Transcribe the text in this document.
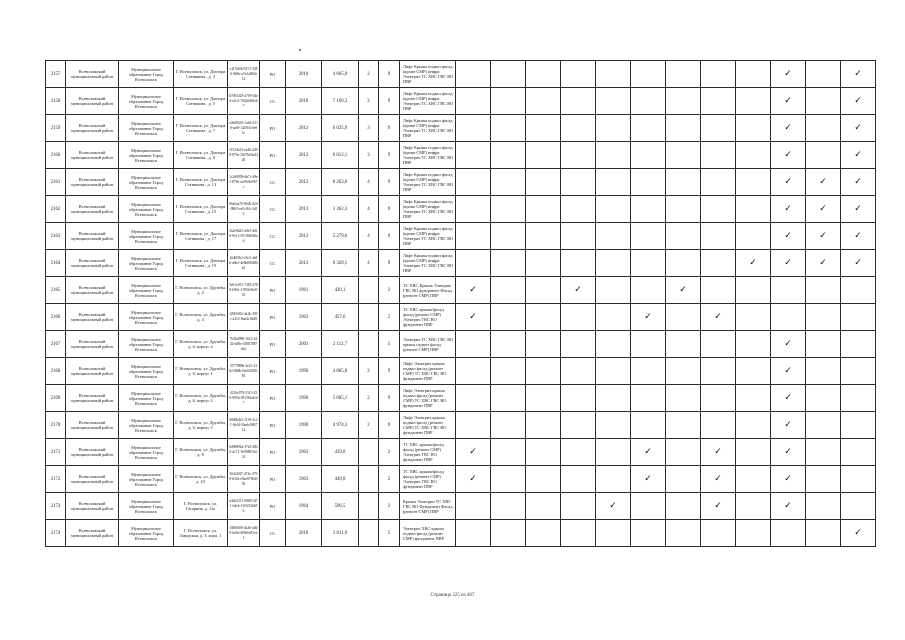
2157	Всеволожский муниципальный район	Муниципальное образование Город Всеволожск	Г. Всеволожск, ул. Доктора Сотникова , д. 3	c415f6fb-9272-4380-9d6b-a7e2a50ffe12	РО	2010	4 665,9	2	9	Лифт Крыша подвал фасад (кроме СМР) инфра Электрич ТС ХВС ГВС ВО ПВР										✓		✓
2158	Всеволожский муниципальный район	Муниципальное образование Город Всеволожск	Г. Всеволожск, ул. Доктора Сотникова , д. 5	b7004328-a709-44ed-a2c4-76420d02eb7	СС	2010	7 160,3	2	9	Лифт Крыша подвал фасад (кроме СМР) инфра Электрич ТС ХВС ГВС ВО ПВР										✓		✓
2159	Всеволожский муниципальный район	Муниципальное образование Город Всеволожск	Г. Всеволожск, ул. Доктора Сотникова , д. 7	e26d8263-1a64-4110-aa0f-1445f3c6e85c	РО	2012	6 025,9	3	9	Лифт Крыша подвал фасад (кроме СМР) инфра Электрич ТС ХВС ГВС ВО ПВР										✓		✓
2160	Всеволожский муниципальный район	Муниципальное образование Город Всеволожск	Г. Всеволожск, ул. Доктора Сотникова , д. 9	f1524e23-ea4b-4498-879a-3027b60a4426	РО	2012	6 012,1	3	9	Лифт Крыша подвал фасад (кроме СМР) инфра Электрич ТС ХВС ГВС ВО ПВР										✓		✓
2161	Всеволожский муниципальный район	Муниципальное образование Город Всеволожск	Г. Всеволожск, ул. Доктора Сотникова , д. 13	1c2d8958-db7c-48ef-873b-ae59e8e967c	СС	2013	8 263,6	4	9	Лифт Крыша подвал фасад (кроме СМР) инфра Электрич ТС ХВС ГВС ВО ПВР										✓	✓	✓
2162	Всеволожский муниципальный район	Муниципальное образование Город Всеволожск	Г. Всеволожск, ул. Доктора Сотникова , д. 15	66a5aa70-8620-4fff-9865-ee5cf61c3d12	СС	2013	3 362,3	4	9	Лифт Крыша подвал фасад (кроме СМР) инфра Электрич ТС ХВС ГВС ВО ПВР										✓	✓	✓
2163	Всеволожский муниципальный район	Муниципальное образование Город Всеволожск	Г. Всеволожск, ул. Доктора Сотникова , д. 17	fb2e9d25-a9e5-4d16-9e12-07c99d3f6ad	СС	2013	5 279,6	4	9	Лифт Крыша подвал фасад (кроме СМР) инфра Электрич ТС ХВС ГВС ВО ПВР										✓	✓	✓
2164	Всеволожский муниципальный район	Муниципальное образование Город Всеволожск	Г. Всеволожск, ул. Доктора Сотникова , д. 19	4fd0f5b2-e9c5-4e8b-a6b2-4e6b800286a5	СС	2013	6 328,1	4	9	Лифт Крыша подвал фасад (кроме СМР) инфра Электрич ТС ХВС ГВС ВО ПВР									✓	✓	✓	✓
2165	Всеволожский муниципальный район	Муниципальное образование Город Всеволожск	Г. Всеволожск, ул. Дружбы, д. 2	5e61e391-7283-4788-b9b1-1955b0fef033	РО	1961	420,1		2	ТС ХВС Крыша Электрич ГВС ВО фундамент Фасад (ремонт СМР) ПВР	✓			✓			✓					
2166	Всеволожский муниципальный район	Муниципальное образование Город Всеволожск	Г. Всеволожск, ул. Дружбы, д. 4	f29f6382-4a2b-459c-a214-fbaf2c0b49	РО	1963	457,6		2	ТС ХВС крыша/фасад фасад (ремонт СМР) Электрич ГВС ВО фундамент ПВР	✓					✓		✓				
2167	Всеволожский муниципальный район	Муниципальное образование Город Всеволожск	Г. Всеволожск, ул. Дружбы, д. 6, корпус 4	7b26d998-1612-4242-bd8e-45087887da2	РО	2001	2 112,7		5	Электрич ТС ХВС ГВС ВО крыша подвал фасад (ремонт СМР) ПВР										✓		
2168	Всеволожский муниципальный район	Муниципальное образование Город Всеволожск	Г. Всеволожск, ул. Дружбы, д. 6, корпус 1	3577889b-2e21-4162-8b8b-fbe02028183	РО	1990	4 885,0	2	9	Лифт Электрич крыша подвал фасад (ремонт СМР) ТС ХВС ГВС ВО фундамент ПВР										✓		
2169	Всеволожский муниципальный район	Муниципальное образование Город Всеволожск	Г. Всеволожск, ул. Дружбы, д. 6, корпус 2	4126c079-3315-458-905b-4915f0a2ed7	РО	1990	5 005,1	2	9	Лифт Электрич крыша подвал фасад (ремонт СМР) ТС ХВС ГВС ВО фундамент ПВР										✓		
2170	Всеволожский муниципальный район	Муниципальное образование Город Всеволожск	Г. Всеволожск, ул. Дружбы, д. 6, корпус 3	68d9b4f2-1195-4c21-9a4d-5faeb4f96712	РО	1990	4 974,3	2	9	Лифт Электрич крыша подвал фасад (ремонт СМР) ТС ХВС ГВС ВО фундамент ПВР										✓		
2171	Всеволожский муниципальный район	Муниципальное образование Город Всеволожск	Г. Всеволожск, ул. Дружбы, д. 8	6d9689b2-f723-4822-a171-5e998816cf2f	РО	1963	439,8		2	ТС ХВС крыша/фасад фасад (ремонт СМР) Электрич ГВС ВО фундамент ПВР	✓					✓		✓		✓		
2172	Всеволожский муниципальный район	Муниципальное образование Город Всеволожск	Г. Всеволожск, ул. Дружбы, д. 10	3642f0f7-d72e-4790-b52a-e0ae8730d593	РО	1963	449,8		2	ТС ХВС крыша/фасад фасад (ремонт СМР) Электрич ГВС ВО фундамент ПВР	✓					✓		✓		✓		
2173	Всеволожский муниципальный район	Муниципальное образование Город Всеволожск	Г. Всеволожск, ул. Гагарина, д. 11а	a3b02311-6080-4f71-b4eb-11f5f52b65b	РО	1964	596,5		2	Крыша Электрич ТС ХВС ГВС ВО Фундамент Фасад (ремонт СМР) ПВР					✓			✓		✓		
2174	Всеволожский муниципальный район	Муниципальное образование Город Всеволожск	Г. Всеволожск, ул. Заводская, д. 3, корп. 1	f3866f00-4a2b-4dd9-be8e-0f9b6d15eef	СС	2010	3 011,9		5	Электрич ХВС крыша подвал фасад (ремонт СМР) фундамент ПВР												✓
Страница 325 из 467
